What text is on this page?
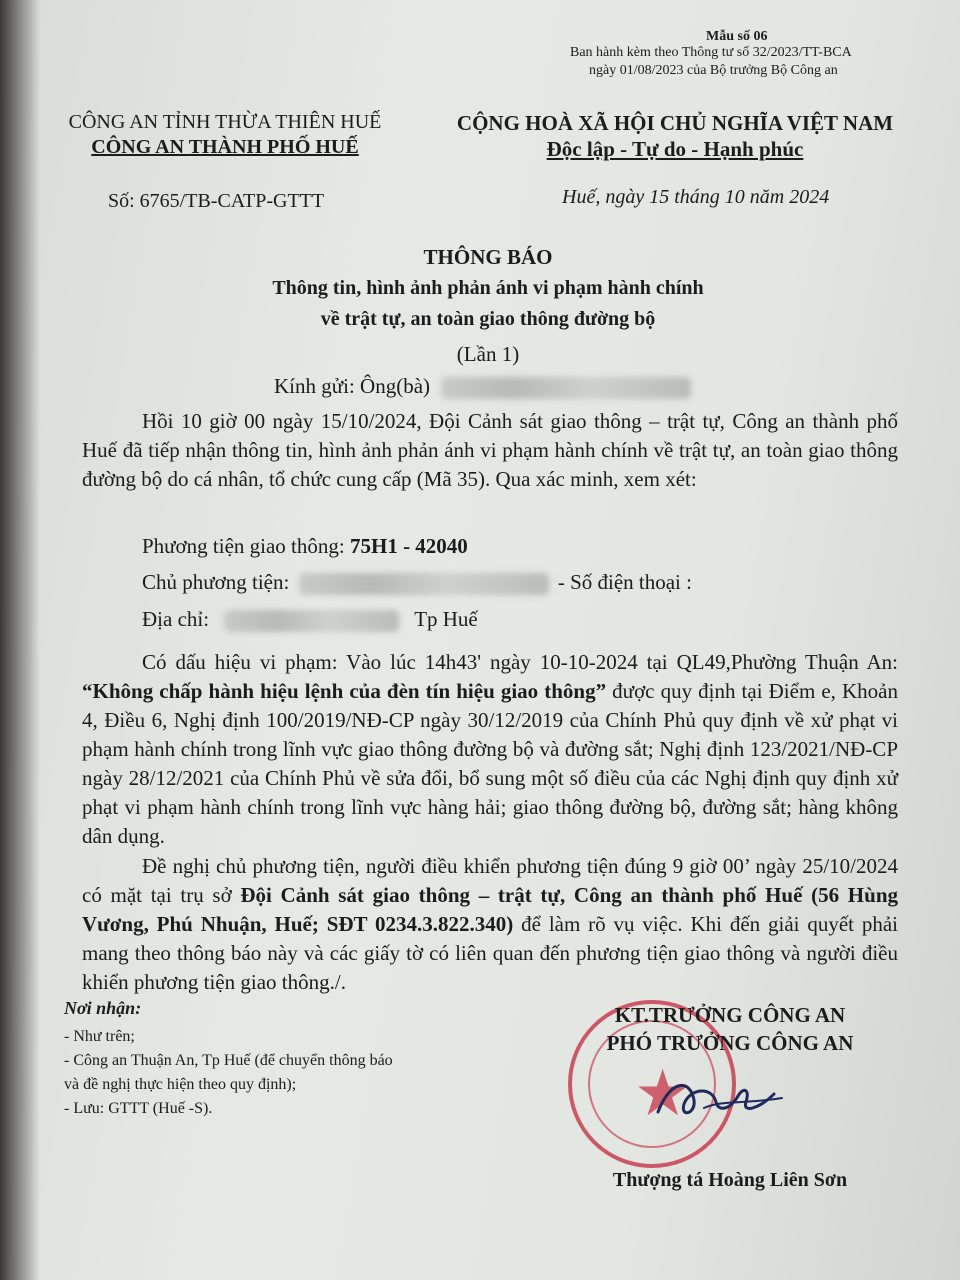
Mẫu số 06
Ban hành kèm theo Thông tư số 32/2023/TT-BCA
ngày 01/08/2023 của Bộ trưởng Bộ Công an
CÔNG AN TỈNH THỪA THIÊN HUẾ
CÔNG AN THÀNH PHỐ HUẾ
Số: 6765/TB-CATP-GTTT
CỘNG HOÀ XÃ HỘI CHỦ NGHĨA VIỆT NAM
Độc lập - Tự do - Hạnh phúc
Huế, ngày 15 tháng 10 năm 2024
THÔNG BÁO
Thông tin, hình ảnh phản ánh vi phạm hành chính
về trật tự, an toàn giao thông đường bộ
(Lần 1)
Kính gửi: Ông(bà)
Hồi 10 giờ 00 ngày 15/10/2024, Đội Cảnh sát giao thông – trật tự, Công an thành phố Huế đã tiếp nhận thông tin, hình ảnh phản ánh vi phạm hành chính về trật tự, an toàn giao thông đường bộ do cá nhân, tổ chức cung cấp (Mã 35). Qua xác minh, xem xét:
Phương tiện giao thông: 75H1 - 42040
Chủ phương tiện:	- Số điện thoại :
Địa chỉ:	Tp Huế
Có dấu hiệu vi phạm: Vào lúc 14h43' ngày 10-10-2024 tại QL49,Phường Thuận An: “Không chấp hành hiệu lệnh của đèn tín hiệu giao thông” được quy định tại Điểm e, Khoản 4, Điều 6, Nghị định 100/2019/NĐ-CP ngày 30/12/2019 của Chính Phủ quy định về xử phạt vi phạm hành chính trong lĩnh vực giao thông đường bộ và đường sắt; Nghị định 123/2021/NĐ-CP ngày 28/12/2021 của Chính Phủ về sửa đổi, bổ sung một số điều của các Nghị định quy định xử phạt vi phạm hành chính trong lĩnh vực hàng hải; giao thông đường bộ, đường sắt; hàng không dân dụng.
Đề nghị chủ phương tiện, người điều khiển phương tiện đúng 9 giờ 00’ ngày 25/10/2024 có mặt tại trụ sở Đội Cảnh sát giao thông – trật tự, Công an thành phố Huế (56 Hùng Vương, Phú Nhuận, Huế; SĐT 0234.3.822.340) để làm rõ vụ việc. Khi đến giải quyết phải mang theo thông báo này và các giấy tờ có liên quan đến phương tiện giao thông và người điều khiển phương tiện giao thông./.
Nơi nhận:
- Như trên;
- Công an Thuận An, Tp Huế (để chuyển thông báo
và đề nghị thực hiện theo quy định);
- Lưu: GTTT (Huế -S).	★
KT.TRƯỞNG CÔNG AN
PHÓ TRƯỞNG CÔNG AN
Thượng tá Hoàng Liên Sơn
